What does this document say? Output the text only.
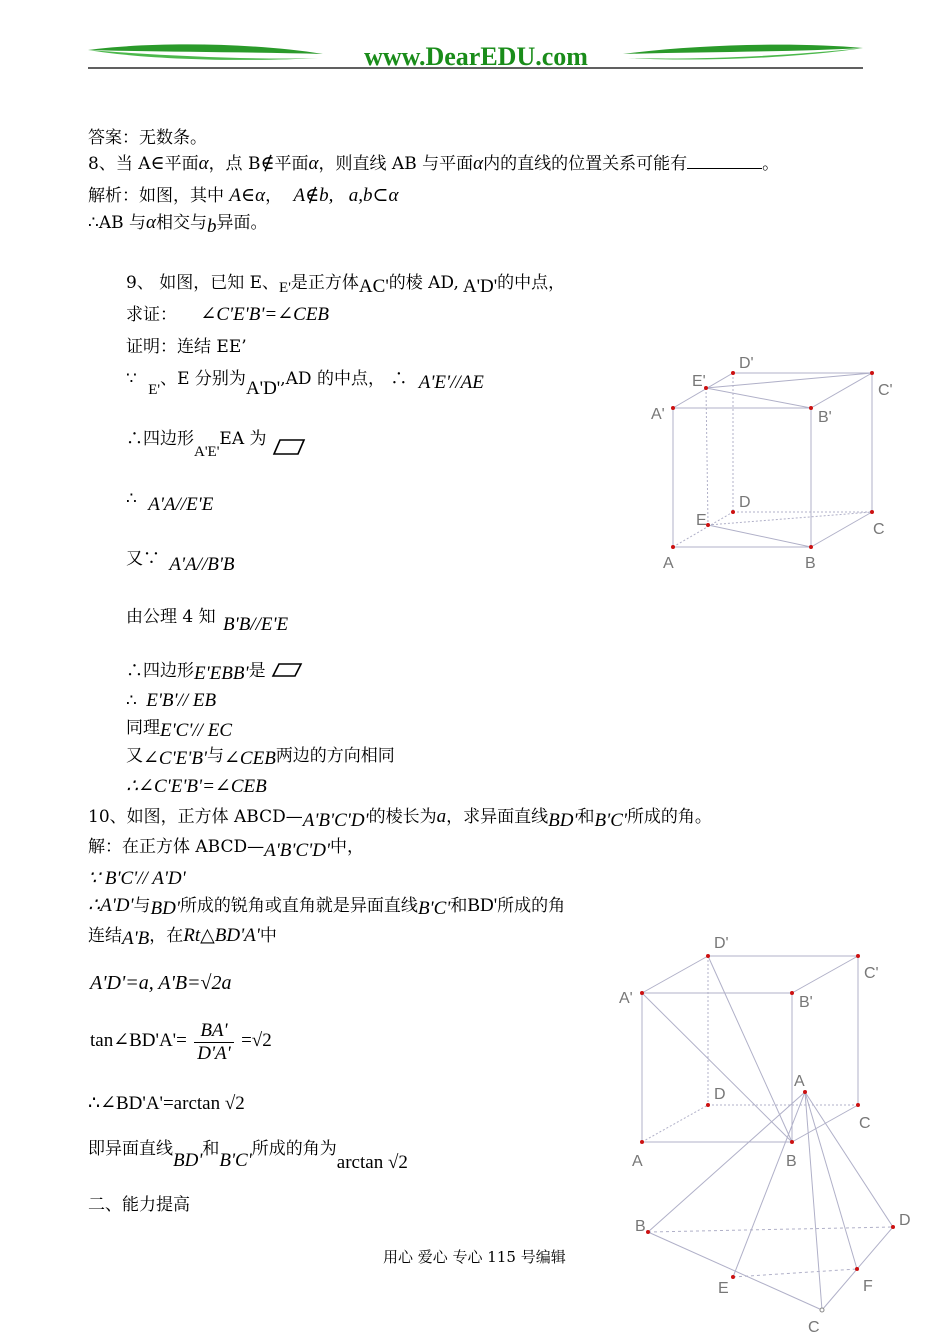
www.DearEDU.com
答案：无数条。
8、当 A∈平面α，点 B∉平面α，则直线 AB 与平面α内的直线的位置关系可能有	。
解析：如图，其中 A∈α， A∉b, a,b⊂α
∴AB 与α相交与b异面。
9、 如图，已知 E、E'是正方体AC'的棱 AD, A'D'的中点，
求证： ∠C'E'B'=∠CEB
证明：连结 EE’
∵ E'、E 分别为A'D',AD 的中点， ∴ A'E'//AE
∴四边形A'E'EA 为
∴ A'A//E'E
又∵ A'A//B'B
由公理 4 知 B'B//E'E
∴四边形E'EBB'是
∴ E'B'// EB
同理E'C'// EC
又∠C'E'B'与∠CEB两边的方向相同
∴∠C'E'B'=∠CEB
D'
E'
C'
A'	B'
D
E
C
A	B
10、如图，正方体 ABCD—A'B'C'D'的棱长为a，求异面直线BD'和B'C'所成的角。
解：在正方体 ABCD—A'B'C'D'中，
∵ B'C'// A'D'
∴A'D'与BD'所成的锐角或直角就是异面直线B'C'和BD'所成的角
连结A'B，在Rt△BD'A'中
A'D'=a, A'B=√2a
tan∠BD'A'= $\frac{BA'}{D'A'} =√2$
∴∠BD'A'=arctan √2
即异面直线BD'和B'C'所成的角为arctan √2
二、能力提高
D'
C'
A'	B'
D
C
A	B
A
B	D
E	F
C
用心 爱心 专心 115 号编辑
